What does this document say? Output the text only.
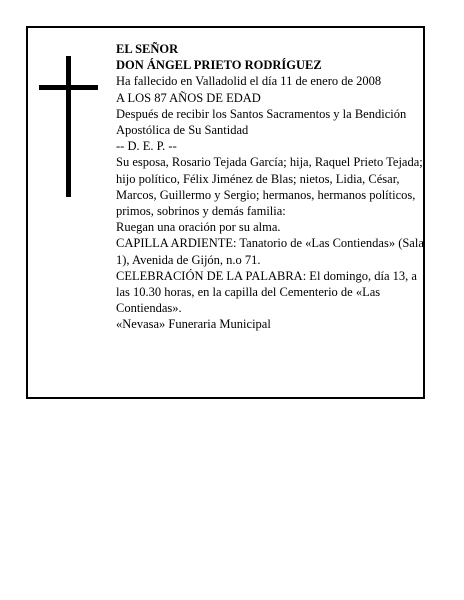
EL SEÑOR

DON ÁNGEL PRIETO RODRÍGUEZ

Ha fallecido en Valladolid el día 11 de enero de 2008

A LOS 87 AÑOS DE EDAD

Después de recibir los Santos Sacramentos y la Bendición Apostólica de Su Santidad

-- D. E. P. --

Su esposa, Rosario Tejada García; hija, Raquel Prieto Tejada; hijo político, Félix Jiménez de Blas; nietos, Lidia, César, Marcos, Guillermo y Sergio; hermanos, hermanos políticos, primos, sobrinos y demás familia:

Ruegan una oración por su alma.

CAPILLA ARDIENTE: Tanatorio de «Las Contiendas» (Sala 1), Avenida de Gijón, n.o 71.

CELEBRACIÓN DE LA PALABRA: El domingo, día 13, a las 10.30 horas, en la capilla del Cementerio de «Las Contiendas».

«Nevasa» Funeraria Municipal
